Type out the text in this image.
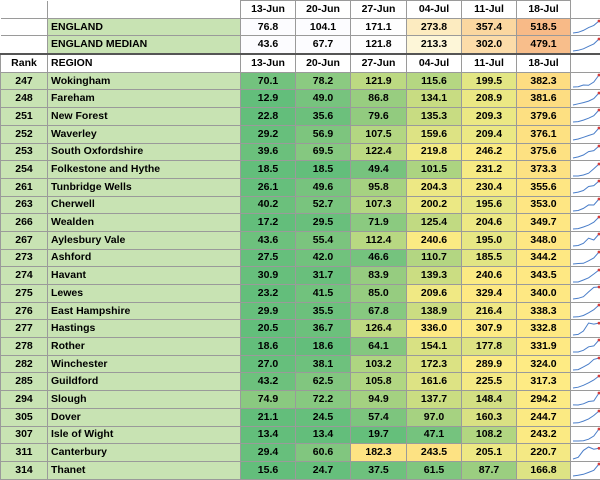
		13-Jun	20-Jun	27-Jun	04-Jul	11-Jul	18-Jul	
	ENGLAND	76.8	104.1	171.1	273.8	357.4	518.5	

	ENGLAND MEDIAN	43.6	67.7	121.8	213.3	302.0	479.1	

Rank	REGION	13-Jun	20-Jun	27-Jun	04-Jul	11-Jul	18-Jul	
247	Wokingham	70.1	78.2	121.9	115.6	199.5	382.3	

248	Fareham	12.9	49.0	86.8	134.1	208.9	381.6	

251	New Forest	22.8	35.6	79.6	135.3	209.3	379.6	

252	Waverley	29.2	56.9	107.5	159.6	209.4	376.1	

253	South Oxfordshire	39.6	69.5	122.4	219.8	246.2	375.6	

254	Folkestone and Hythe	18.5	18.5	49.4	101.5	231.2	373.3	

261	Tunbridge Wells	26.1	49.6	95.8	204.3	230.4	355.6	

263	Cherwell	40.2	52.7	107.3	200.2	195.6	353.0	

266	Wealden	17.2	29.5	71.9	125.4	204.6	349.7	

267	Aylesbury Vale	43.6	55.4	112.4	240.6	195.0	348.0	

273	Ashford	27.5	42.0	46.6	110.7	185.5	344.2	

274	Havant	30.9	31.7	83.9	139.3	240.6	343.5	

275	Lewes	23.2	41.5	85.0	209.6	329.4	340.0	

276	East Hampshire	29.9	35.5	67.8	138.9	216.4	338.3	

277	Hastings	20.5	36.7	126.4	336.0	307.9	332.8	

278	Rother	18.6	18.6	64.1	154.1	177.8	331.9	

282	Winchester	27.0	38.1	103.2	172.3	289.9	324.0	

285	Guildford	43.2	62.5	105.8	161.6	225.5	317.3	

294	Slough	74.9	72.2	94.9	137.7	148.4	294.2	

305	Dover	21.1	24.5	57.4	97.0	160.3	244.7	

307	Isle of Wight	13.4	13.4	19.7	47.1	108.2	243.2	

311	Canterbury	29.4	60.6	182.3	243.5	205.1	220.7	

314	Thanet	15.6	24.7	37.5	61.5	87.7	166.8	
